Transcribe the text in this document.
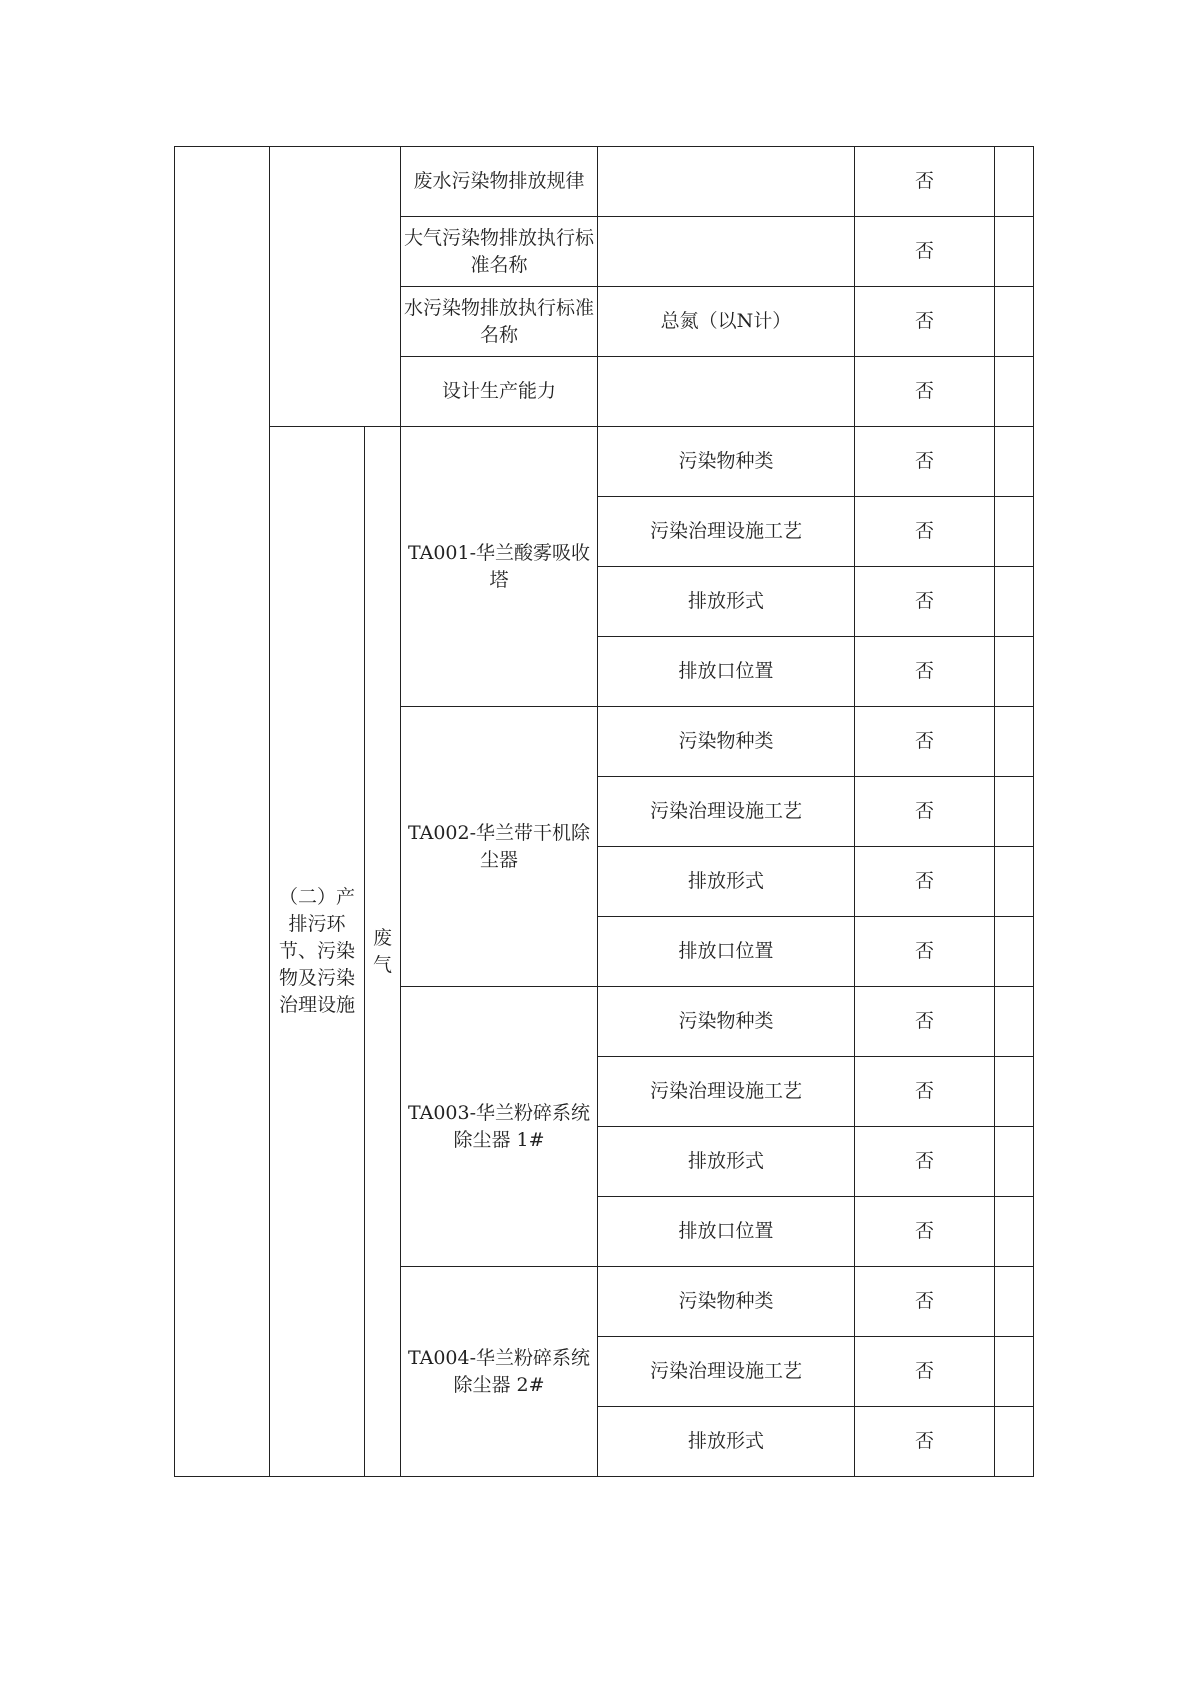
			废水污染物排放规律		否	
			大气污染物排放执行标准名称		否	
			水污染物排放执行标准名称	总氮（以N计）	否	
			设计生产能力		否	
	（二）产排污环节、污染物及污染治理设施	废气	TA001-华兰酸雾吸收塔	污染物种类	否	
				污染治理设施工艺	否	
				排放形式	否	
				排放口位置	否	
			TA002-华兰带干机除尘器	污染物种类	否	
				污染治理设施工艺	否	
				排放形式	否	
				排放口位置	否	
			TA003-华兰粉碎系统除尘器 1#	污染物种类	否	
				污染治理设施工艺	否	
				排放形式	否	
				排放口位置	否	
			TA004-华兰粉碎系统除尘器 2#	污染物种类	否	
				污染治理设施工艺	否	
				排放形式	否	
